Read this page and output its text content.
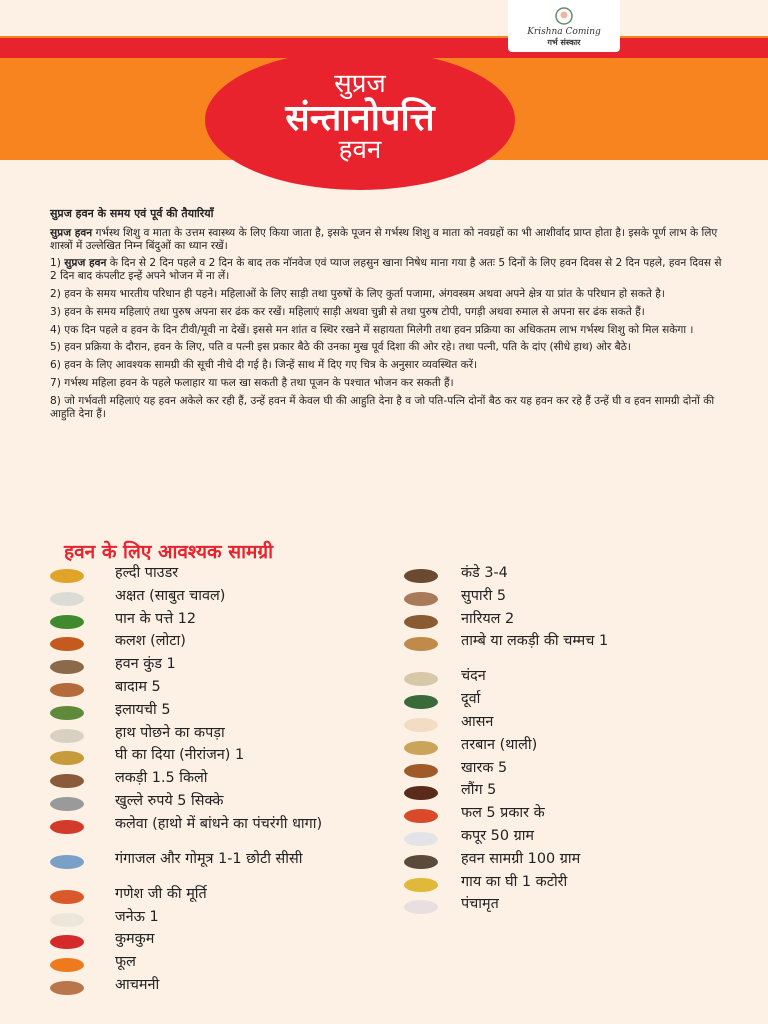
Krishna Coming
गर्भ संस्कार
सुप्रज
संन्तानोपत्ति
हवन
सुप्रज हवन के समय एवं पूर्व की तैयारियाँ

सुप्रज हवन गर्भस्थ शिशु व माता के उत्तम स्वास्थ्य के लिए किया जाता है, इसके पूजन से गर्भस्थ शिशु व माता को नवग्रहों का भी आशीर्वाद प्राप्त होता है। इसके पूर्ण लाभ के लिए शास्त्रों में उल्लेखित निम्न बिंदुओं का ध्यान रखें।

1) सुप्रज हवन के दिन से 2 दिन पहले व 2 दिन के बाद तक नॉनवेज एवं प्याज लहसुन खाना निषेध माना गया है अतः 5 दिनों के लिए हवन दिवस से 2 दिन पहले, हवन दिवस से 2 दिन बाद कंपलीट इन्हें अपने भोजन में ना लें।

2) हवन के समय भारतीय परिधान ही पहने। महिलाओं के लिए साड़ी तथा पुरुषों के लिए कुर्ता पजामा, अंगवस्त्रम अथवा अपने क्षेत्र या प्रांत के परिधान हो सकते है।

3) हवन के समय महिलाएं तथा पुरुष अपना सर ढंक कर रखें। महिलाएं साड़ी अथवा चुन्नी से तथा पुरुष टोपी, पगड़ी अथवा रुमाल से अपना सर ढंक सकते हैं।

4) एक दिन पहले व हवन के दिन टीवी/मूवी ना देखें। इससे मन शांत व स्थिर रखने में सहायता मिलेगी तथा हवन प्रक्रिया का अधिकतम लाभ गर्भस्थ शिशु को मिल सकेगा ।

5) हवन प्रक्रिया के दौरान, हवन के लिए, पति व पत्नी इस प्रकार बैठे की उनका मुख पूर्व दिशा की ओर रहे। तथा पत्नी, पति के दांए (सीधे हाथ) ओर बैठे।

6) हवन के लिए आवश्यक सामग्री की सूची नीचे दी गई है। जिन्हें साथ में दिए गए चित्र के अनुसार व्यवस्थित करें।

7) गर्भस्थ महिला हवन के पहले फलाहार या फल खा सकती है तथा पूजन के पश्चात भोजन कर सकती हैं।

8) जो गर्भवती महिलाएं यह हवन अकेले कर रही हैं, उन्हें हवन में केवल घी की आहुति देना है व जो पति-पत्नि दोनों बैठ कर यह हवन कर रहे हैं उन्हें घी व हवन सामग्री दोनों की आहुति देना हैं।

हवन के लिए आवश्यक सामग्री
हल्दी पाउडर
अक्षत (साबुत चावल)
पान के पत्ते 12
कलश (लोटा)
हवन कुंड 1
बादाम 5
इलायची 5
हाथ पोछने का कपड़ा
घी का दिया (नीरांजन) 1
लकड़ी 1.5 किलो
खुल्ले रुपये 5 सिक्के
कलेवा (हाथो में बांधने का पंचरंगी धागा)
गंगाजल और गोमूत्र 1-1 छोटी सीसी
गणेश जी की मूर्ति
जनेऊ 1
कुमकुम
फूल
आचमनी
कंडे 3-4
सुपारी 5
नारियल 2
ताम्बे या लकड़ी की चम्मच 1
चंदन
दूर्वा
आसन
तरबान (थाली)
खारक 5
लौंग 5
फल 5 प्रकार के
कपूर 50 ग्राम
हवन सामग्री 100 ग्राम
गाय का घी 1 कटोरी
पंचामृत
